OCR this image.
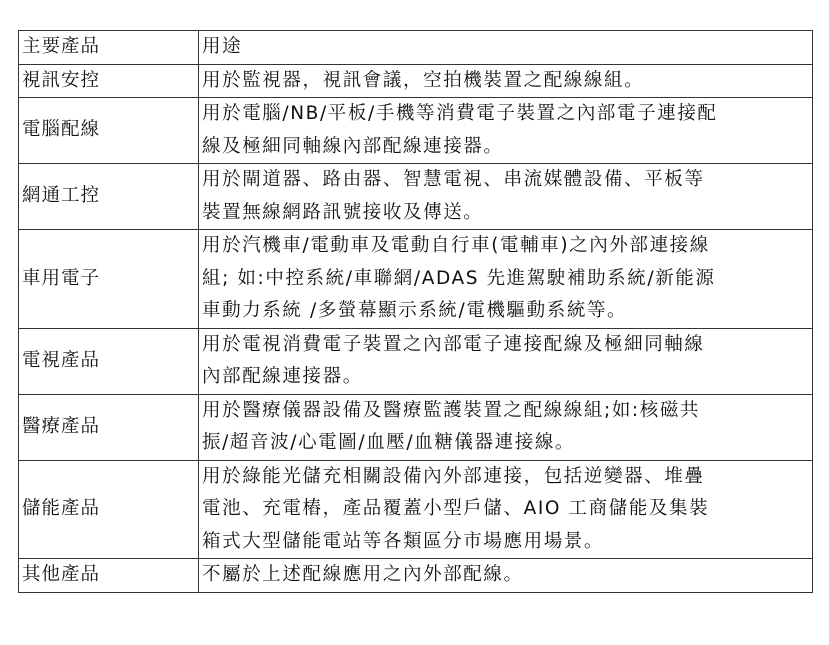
主要產品	用途
視訊安控	用於監視器，視訊會議，空拍機裝置之配線線組。
電腦配線	用於電腦/NB/平板/手機等消費電子裝置之內部電子連接配
線及極細同軸線內部配線連接器。
網通工控	用於閘道器、路由器、智慧電視、串流媒體設備、平板等
裝置無線網路訊號接收及傳送。
車用電子	用於汽機車/電動車及電動自行車(電輔車)之內外部連接線
組; 如:中控系統/車聯網/ADAS 先進駕駛補助系統/新能源
車動力系統 /多螢幕顯示系統/電機驅動系統等。
電視產品	用於電視消費電子裝置之內部電子連接配線及極細同軸線
內部配線連接器。
醫療產品	用於醫療儀器設備及醫療監護裝置之配線線組;如:核磁共
振/超音波/心電圖/血壓/血糖儀器連接線。
儲能產品	用於綠能光儲充相關設備內外部連接，包括逆變器、堆疊
電池、充電樁，產品覆蓋小型戶儲、AIO 工商儲能及集裝
箱式大型儲能電站等各類區分市場應用場景。
其他產品	不屬於上述配線應用之內外部配線。
